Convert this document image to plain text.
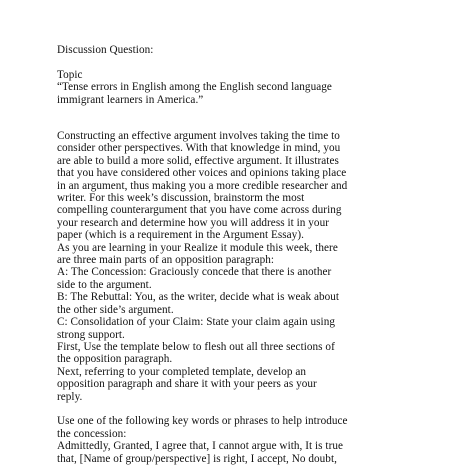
Discussion Question:
Topic
“Tense errors in English among the English second language
immigrant learners in America.”
Constructing an effective argument involves taking the time to
consider other perspectives. With that knowledge in mind, you
are able to build a more solid, effective argument. It illustrates
that you have considered other voices and opinions taking place
in an argument, thus making you a more credible researcher and
writer. For this week’s discussion, brainstorm the most
compelling counterargument that you have come across during
your research and determine how you will address it in your
paper (which is a requirement in the Argument Essay).
As you are learning in your Realize it module this week, there
are three main parts of an opposition paragraph:
A: The Concession: Graciously concede that there is another
side to the argument.
B: The Rebuttal: You, as the writer, decide what is weak about
the other side’s argument.
C: Consolidation of your Claim: State your claim again using
strong support.
First, Use the template below to flesh out all three sections of
the opposition paragraph.
Next, referring to your completed template, develop an
opposition paragraph and share it with your peers as your
reply.
Use one of the following key words or phrases to help introduce
the concession:
Admittedly, Granted, I agree that, I cannot argue with, It is true
that, [Name of group/perspective] is right, I accept, No doubt,
